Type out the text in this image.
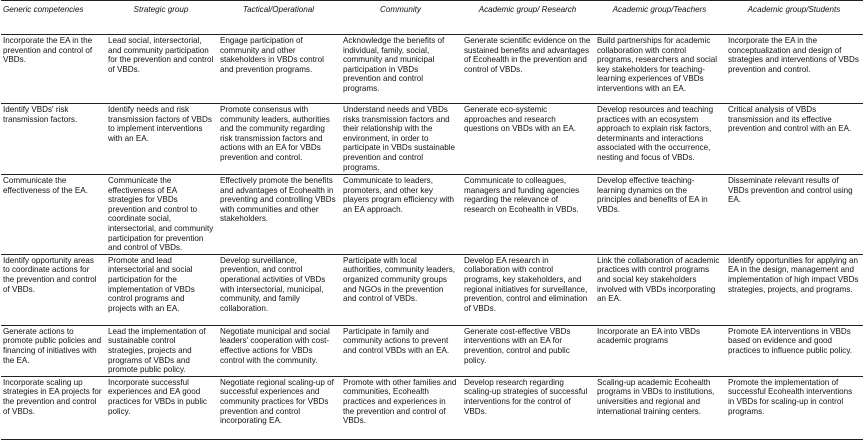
Generic competencies	Strategic group	Tactical/Operational	Community	Academic group/ Research	Academic group/Teachers	Academic group/Students
Incorporate the EA in the prevention and control of VBDs.	Lead social, intersectorial, and community participation for the prevention and control of VBDs.	Engage participation of community and other stakeholders in VBDs control and prevention programs.	Acknowledge the benefits of individual, family, social, community and municipal participation in VBDs prevention and control programs.	Generate scientific evidence on the sustained benefits and advantages of Ecohealth in the prevention and control of VBDs.	Build partnerships for academic collaboration with control programs, researchers and social key stakeholders for teaching-learning experiences of VBDs interventions with an EA.	Incorporate the EA in the conceptualization and design of strategies and interventions of VBDs prevention and control.
Identify VBDs' risk transmission factors.	Identify needs and risk transmission factors of VBDs to implement interventions with an EA.	Promote consensus with community leaders, authorities and the community regarding risk transmission factors and actions with an EA for VBDs prevention and control.	Understand needs and VBDs risks transmission factors and their relationship with the environment, in order to participate in VBDs sustainable prevention and control programs.	Generate eco-systemic approaches and research questions on VBDs with an EA.	Develop resources and teaching practices with an ecosystem approach to explain risk factors, determinants and interactions associated with the occurrence, nesting and focus of VBDs.	Critical analysis of VBDs transmission and its effective prevention and control with an EA.
Communicate the effectiveness of the EA.	Communicate the effectiveness of EA strategies for VBDs prevention and control to coordinate social, intersectorial, and community participation for prevention and control of VBDs.	Effectively promote the benefits and advantages of Ecohealth in preventing and controlling VBDs with communities and other stakeholders.	Communicate to leaders, promoters, and other key players program efficiency with an EA approach.	Communicate to colleagues, managers and funding agencies regarding the relevance of research on Ecohealth in VBDs.	Develop effective teaching-learning dynamics on the principles and benefits of EA in VBDs.	Disseminate relevant results of VBDs prevention and control using EA.
Identify opportunity areas to coordinate actions for the prevention and control of VBDs.	Promote and lead intersectorial and social participation for the implementation of VBDs control programs and projects with an EA.	Develop surveillance, prevention, and control operational activities of VBDs with intersectorial, municipal, community, and family collaboration.	Participate with local authorities, community leaders, organized community groups and NGOs in the prevention and control of VBDs.	Develop EA research in collaboration with control programs, key stakeholders, and regional initiatives for surveillance, prevention, control and elimination of VBDs.	Link the collaboration of academic practices with control programs and social key stakeholders involved with VBDs incorporating an EA.	Identify opportunities for applying an EA in the design, management and implementation of high impact VBDs strategies, projects, and programs.
Generate actions to promote public policies and financing of initiatives with the EA.	Lead the implementation of sustainable control strategies, projects and programs of VBDs and promote public policy.	Negotiate municipal and social leaders' cooperation with cost-effective actions for VBDs control with the community.	Participate in family and community actions to prevent and control VBDs with an EA.	Generate cost-effective VBDs interventions with an EA for prevention, control and public policy.	Incorporate an EA into VBDs academic programs	Promote EA interventions in VBDs based on evidence and good practices to influence public policy.
Incorporate scaling up strategies in EA projects for the prevention and control of VBDs.	Incorporate successful experiences and EA good practices for VBDs in public policy.	Negotiate regional scaling-up of successful experiences and community practices for VBDs prevention and control incorporating EA.	Promote with other families and communities, Ecohealth practices and experiences in the prevention and control of VBDs.	Develop research regarding scaling-up strategies of successful interventions for the control of VBDs.	Scaling-up academic Ecohealth programs in VBDs to institutions, universities and regional and international training centers.	Promote the implementation of successful Ecohealth interventions in VBDs for scaling-up in control programs.
